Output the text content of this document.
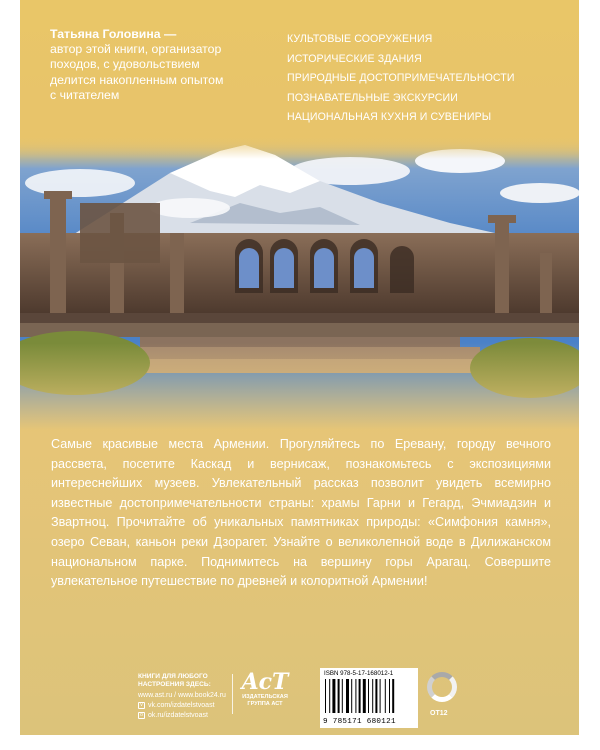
Татьяна Головина —
автор этой книги, организатор
походов, с удовольствием
делится накопленным опытом
с читателем
КУЛЬТОВЫЕ СООРУЖЕНИЯ
ИСТОРИЧЕСКИЕ ЗДАНИЯ
ПРИРОДНЫЕ ДОСТОПРИМЕЧАТЕЛЬНОСТИ
ПОЗНАВАТЕЛЬНЫЕ ЭКСКУРСИИ
НАЦИОНАЛЬНАЯ КУХНЯ И СУВЕНИРЫ
Самые красивые места Армении. Прогуляйтесь по Еревану, городу вечного рассвета, посетите Каскад и вернисаж, познакомьтесь с экспозициями интереснейших музеев. Увлекательный рассказ позволит увидеть всемирно известные достопримечательности страны: храмы Гарни и Гегард, Эчмиадзин и Звартноц. Прочитайте об уникальных памятниках природы: «Симфония камня», озеро Севан, каньон реки Дзорагет. Узнайте о великолепной воде в Дилижанском национальном парке. Поднимитесь на вершину горы Арагац. Совершите увлекательное путешествие по древней и колоритной Армении!
КНИГИ ДЛЯ ЛЮБОГО
НАСТРОЕНИЯ ЗДЕСЬ:
www.ast.ru / www.book24.ru
v vk.com/izdatelstvoast
o ok.ru/izdatelstvoast
AcT
ИЗДАТЕЛЬСКАЯ
ГРУППА АСТ
ISBN 978-5-17-168012-1
9 785171 680121
OT12
